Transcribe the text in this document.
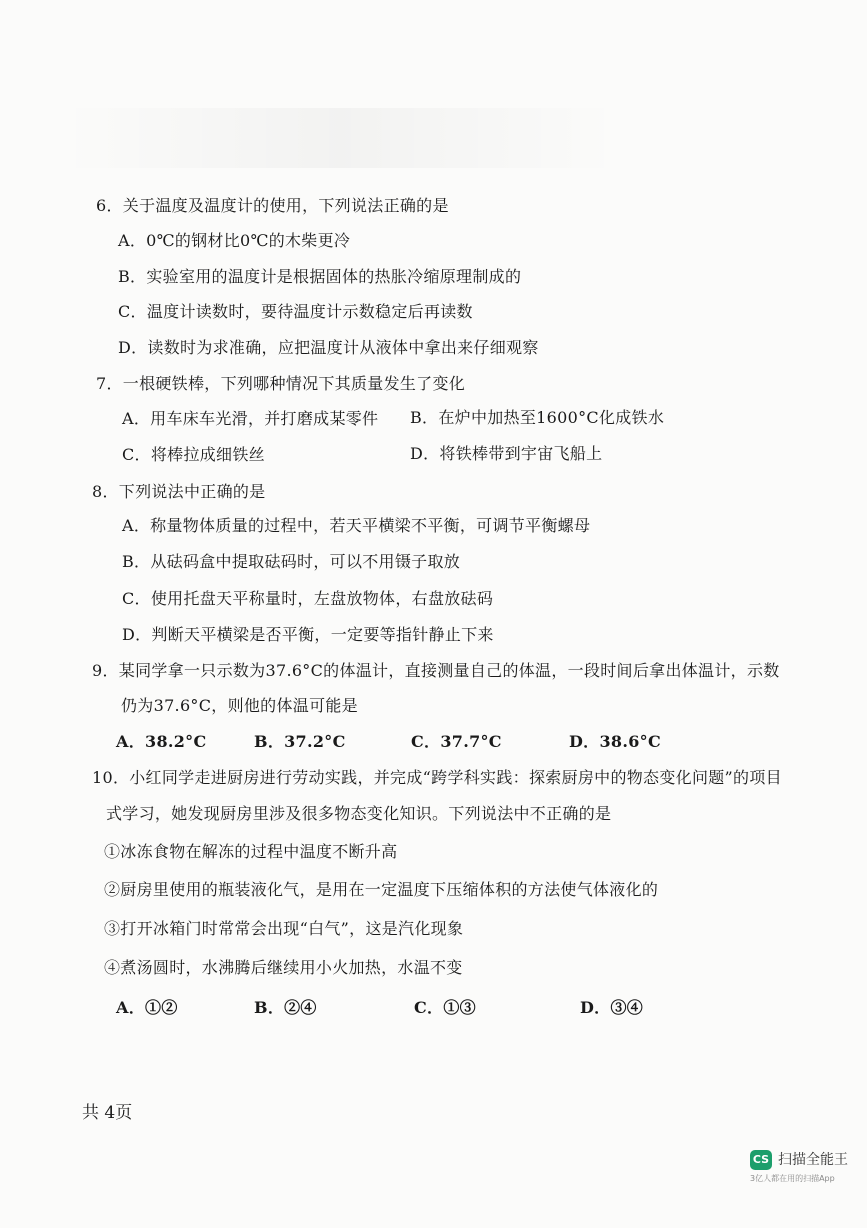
6．关于温度及温度计的使用，下列说法正确的是
A．0℃的钢材比0℃的木柴更冷
B．实验室用的温度计是根据固体的热胀冷缩原理制成的
C．温度计读数时，要待温度计示数稳定后再读数
D．读数时为求准确，应把温度计从液体中拿出来仔细观察
7．一根硬铁棒，下列哪种情况下其质量发生了变化
A．用车床车光滑，并打磨成某零件 B．在炉中加热至1600°C化成铁水
C．将棒拉成细铁丝	D．将铁棒带到宇宙飞船上
8．下列说法中正确的是
A．称量物体质量的过程中，若天平横梁不平衡，可调节平衡螺母
B．从砝码盒中提取砝码时，可以不用镊子取放
C．使用托盘天平称量时，左盘放物体，右盘放砝码
D．判断天平横梁是否平衡，一定要等指针静止下来
9．某同学拿一只示数为37.6°C的体温计，直接测量自己的体温，一段时间后拿出体温计，示数
仍为37.6°C，则他的体温可能是
A．38.2°C	B．37.2°C	C．37.7°C	D．38.6°C
10．小红同学走进厨房进行劳动实践，并完成“跨学科实践：探索厨房中的物态变化问题”的项目
式学习，她发现厨房里涉及很多物态变化知识。下列说法中不正确的是
①冰冻食物在解冻的过程中温度不断升高
②厨房里使用的瓶装液化气，是用在一定温度下压缩体积的方法使气体液化的
③打开冰箱门时常常会出现“白气”，这是汽化现象
④煮汤圆时，水沸腾后继续用小火加热，水温不变
A．①②	B．②④	C．①③	D．③④
共 4页
CS 扫描全能王
3亿人都在用的扫描App
